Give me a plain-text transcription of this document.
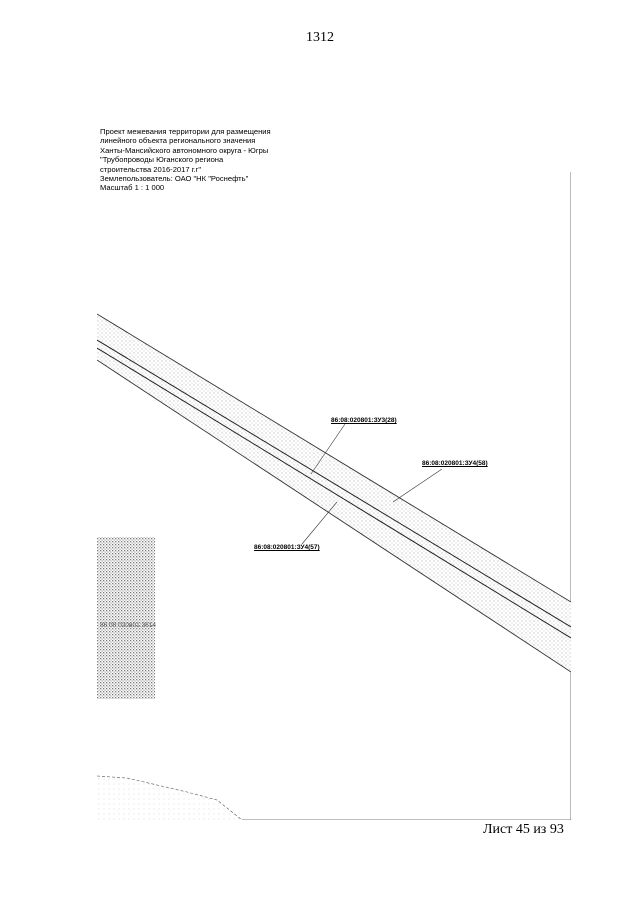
1312
Проект межевания территории для размещения
линейного объекта регионального значения
Ханты-Мансийского автономного округа - Югры
"Трубопроводы Юганского региона
строительства 2016-2017 г.г"
Землепользователь: ОАО "НК "Роснефть"
Масштаб 1 : 1 000
86:08:020801:ЗУ3(28)
86:08:020801:ЗУ4(58)
86:08:020801:ЗУ4(57)
86:08:020801:3614
Лист 45 из 93
